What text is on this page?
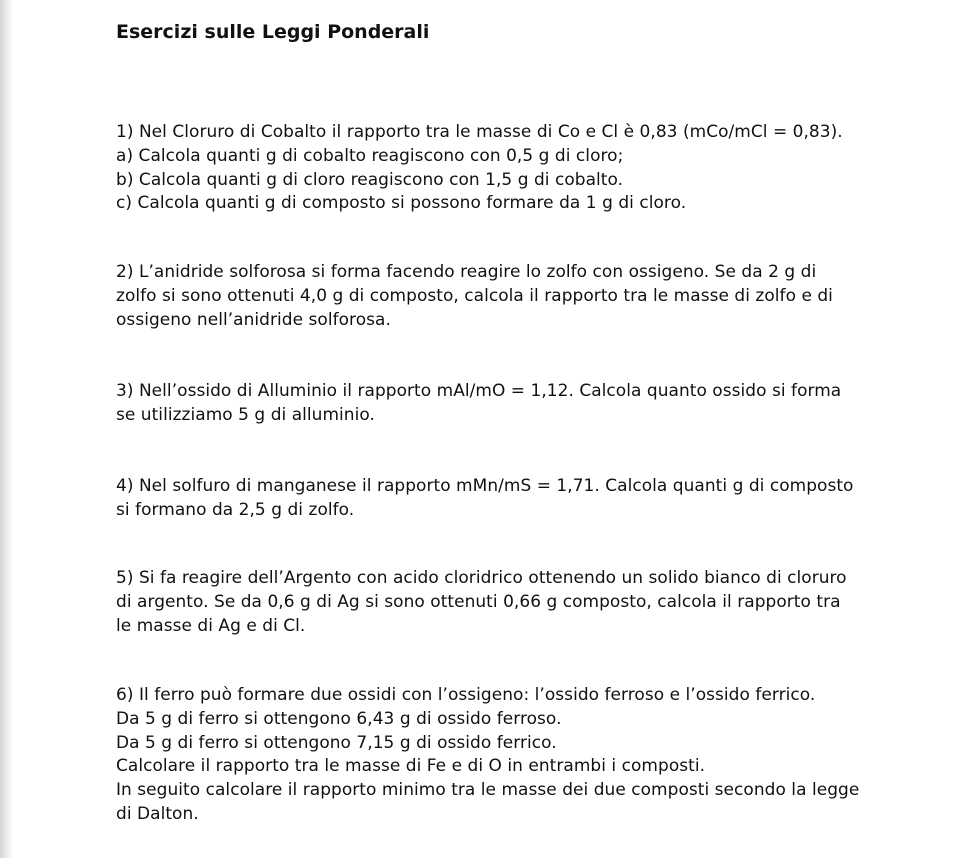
Esercizi sulle Leggi Ponderali
1) Nel Cloruro di Cobalto il rapporto tra le masse di Co e Cl è 0,83 (mCo/mCl = 0,83).
a) Calcola quanti g di cobalto reagiscono con 0,5 g di cloro;
b) Calcola quanti g di cloro reagiscono con 1,5 g di cobalto.
c) Calcola quanti g di composto si possono formare da 1 g di cloro.
2) L’anidride solforosa si forma facendo reagire lo zolfo con ossigeno. Se da 2 g di
zolfo si sono ottenuti 4,0 g di composto, calcola il rapporto tra le masse di zolfo e di
ossigeno nell’anidride solforosa.
3) Nell’ossido di Alluminio il rapporto mAl/mO = 1,12. Calcola quanto ossido si forma
se utilizziamo 5 g di alluminio.
4) Nel solfuro di manganese il rapporto mMn/mS = 1,71. Calcola quanti g di composto
si formano da 2,5 g di zolfo.
5) Si fa reagire dell’Argento con acido cloridrico ottenendo un solido bianco di cloruro
di argento. Se da 0,6 g di Ag si sono ottenuti 0,66 g composto, calcola il rapporto tra
le masse di Ag e di Cl.
6) Il ferro può formare due ossidi con l’ossigeno: l’ossido ferroso e l’ossido ferrico.
Da 5 g di ferro si ottengono 6,43 g di ossido ferroso.
Da 5 g di ferro si ottengono 7,15 g di ossido ferrico.
Calcolare il rapporto tra le masse di Fe e di O in entrambi i composti.
In seguito calcolare il rapporto minimo tra le masse dei due composti secondo la legge
di Dalton.
